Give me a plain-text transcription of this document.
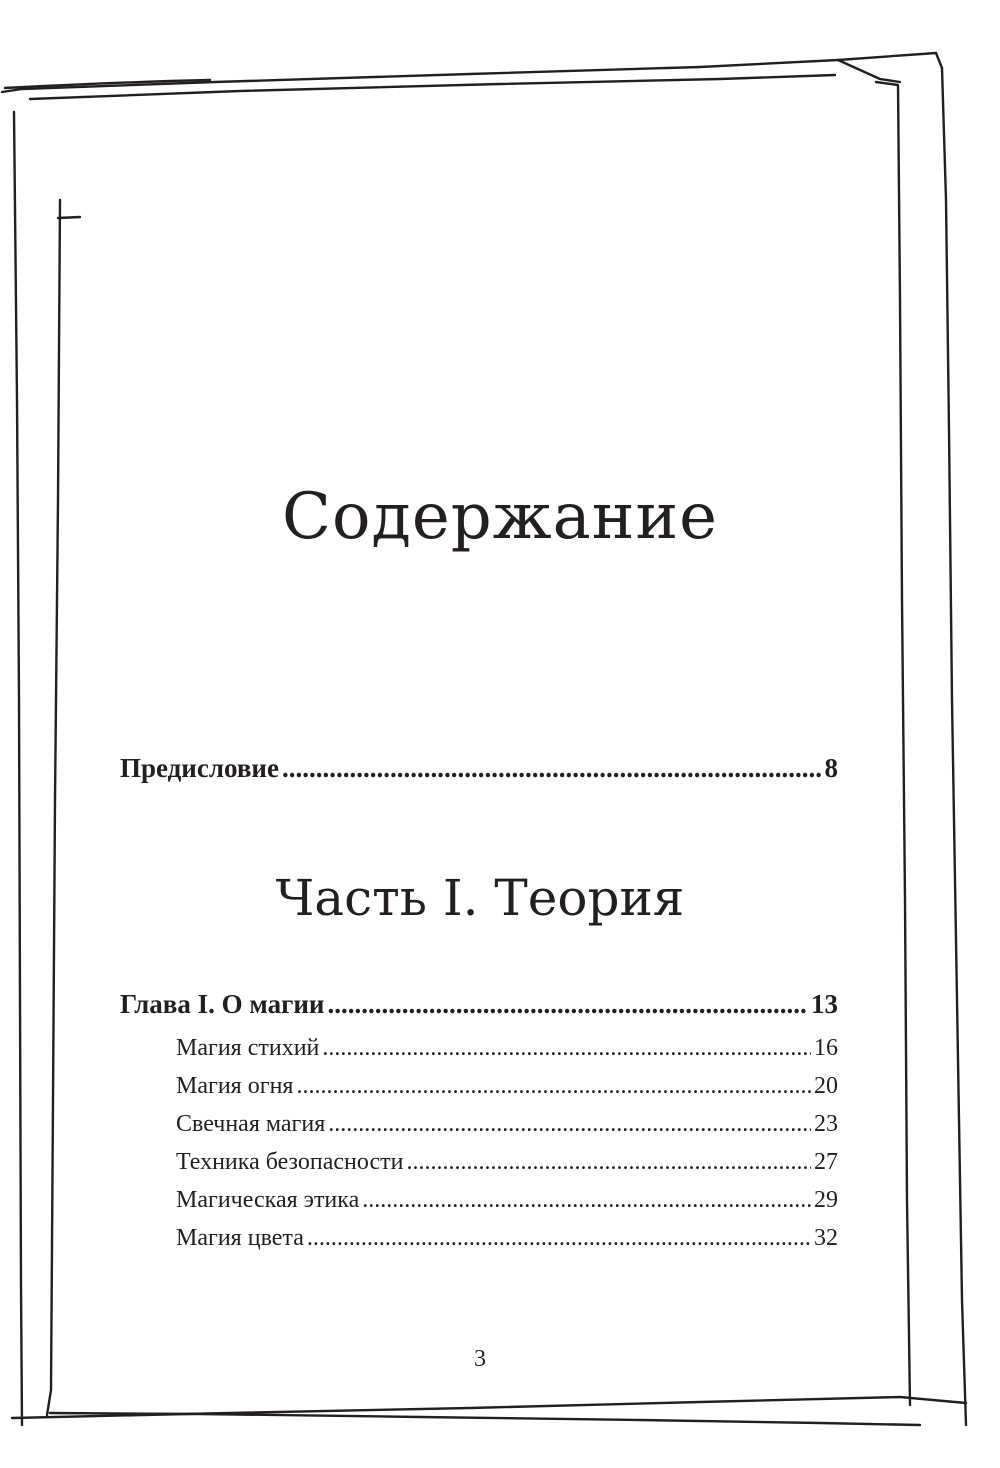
Содержание
Предисловие .....	8
Часть I. Теория
Глава I. О магии .....	13
Магия стихий .....	16
Магия огня .....	20
Свечная магия .....	23
Техника безопасности .....	27
Магическая этика .....	29
Магия цвета .....	32
3
